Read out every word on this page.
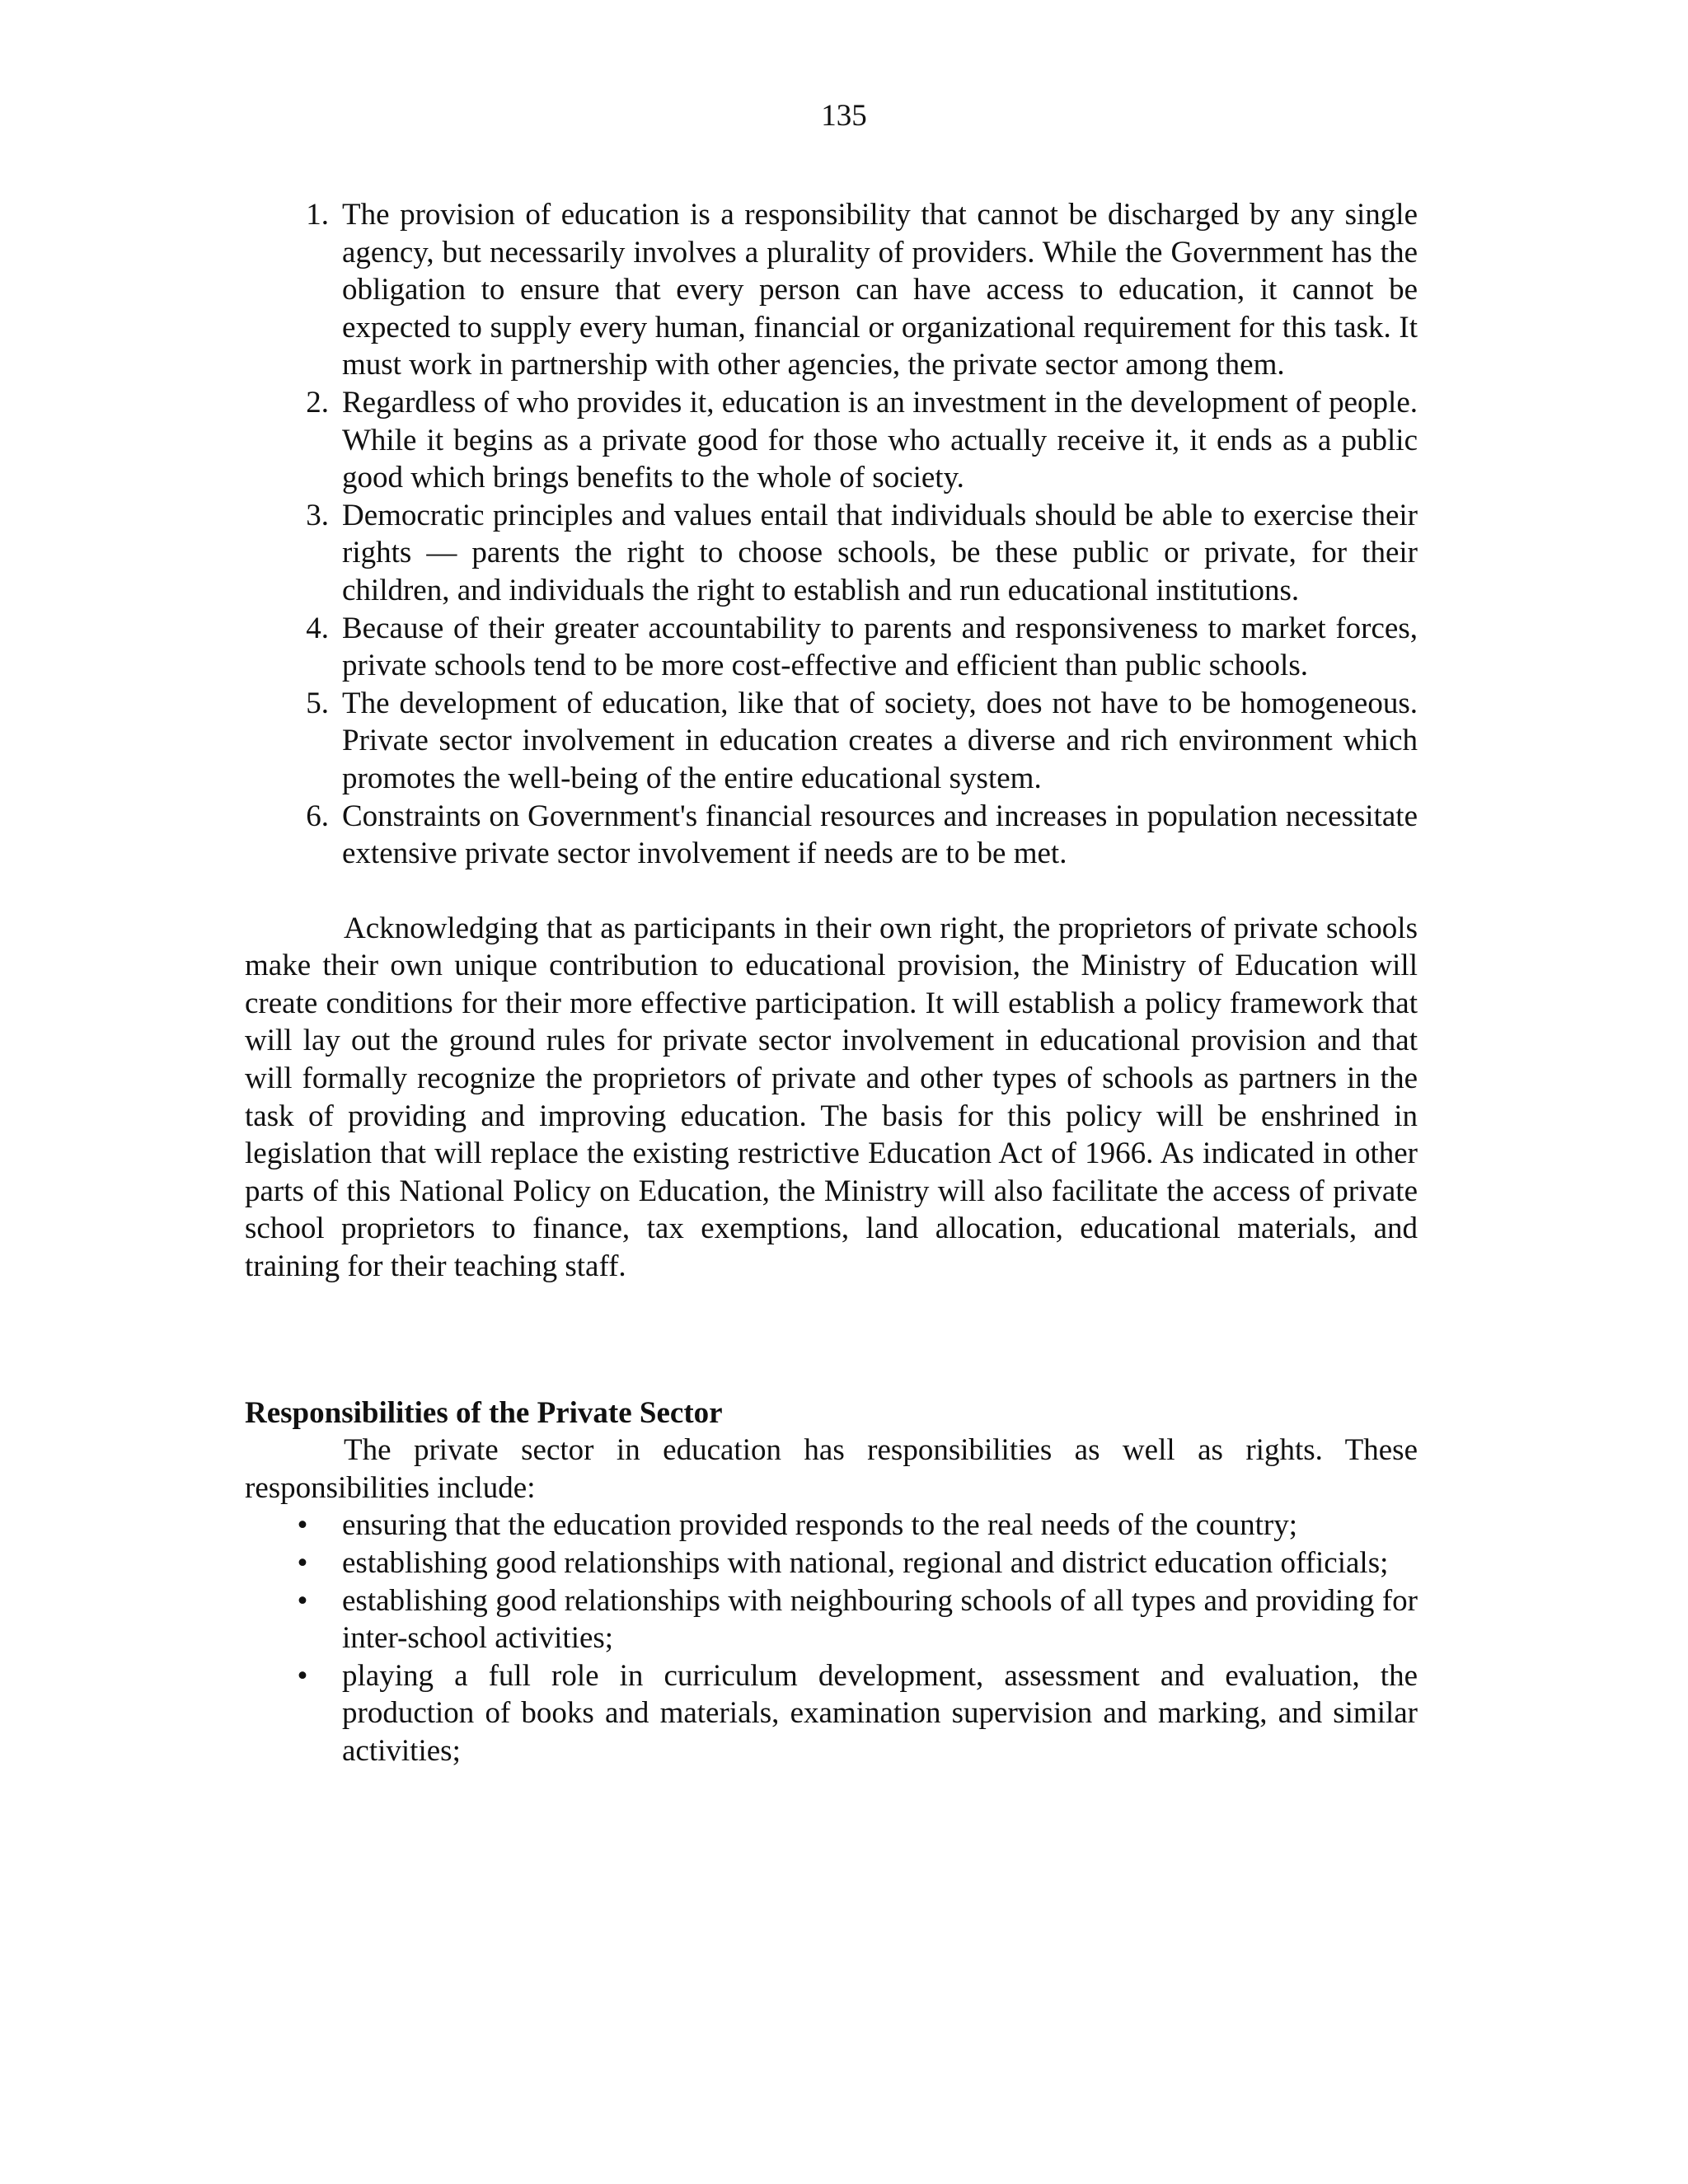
135
1. The provision of education is a responsibility that cannot be discharged by any single agency, but necessarily involves a plurality of providers. While the Government has the obligation to ensure that every person can have access to education, it cannot be expected to supply every human, financial or organizational requirement for this task. It must work in partnership with other agencies, the private sector among them.
2. Regardless of who provides it, education is an investment in the development of people. While it begins as a private good for those who actually receive it, it ends as a public good which brings benefits to the whole of society.
3. Democratic principles and values entail that individuals should be able to exercise their rights — parents the right to choose schools, be these public or private, for their children, and individuals the right to establish and run educational institutions.
4. Because of their greater accountability to parents and responsiveness to market forces, private schools tend to be more cost-effective and efficient than public schools.
5. The development of education, like that of society, does not have to be homogeneous. Private sector involvement in education creates a diverse and rich environment which promotes the well-being of the entire educational system.
6. Constraints on Government's financial resources and increases in population necessitate extensive private sector involvement if needs are to be met.

Acknowledging that as participants in their own right, the proprietors of private schools make their own unique contribution to educational provision, the Ministry of Education will create conditions for their more effective participation. It will establish a policy framework that will lay out the ground rules for private sector involvement in educational provision and that will formally recognize the proprietors of private and other types of schools as partners in the task of providing and improving education. The basis for this policy will be enshrined in legislation that will replace the existing restrictive Education Act of 1966. As indicated in other parts of this National Policy on Education, the Ministry will also facilitate the access of private school proprietors to finance, tax exemptions, land allocation, educational materials, and training for their teaching staff.

Responsibilities of the Private Sector

The private sector in education has responsibilities as well as rights. These responsibilities include:

• ensuring that the education provided responds to the real needs of the country;
• establishing good relationships with national, regional and district education officials;
• establishing good relationships with neighbouring schools of all types and providing for inter-school activities;
• playing a full role in curriculum development, assessment and evaluation, the production of books and materials, examination supervision and marking, and similar activities;
